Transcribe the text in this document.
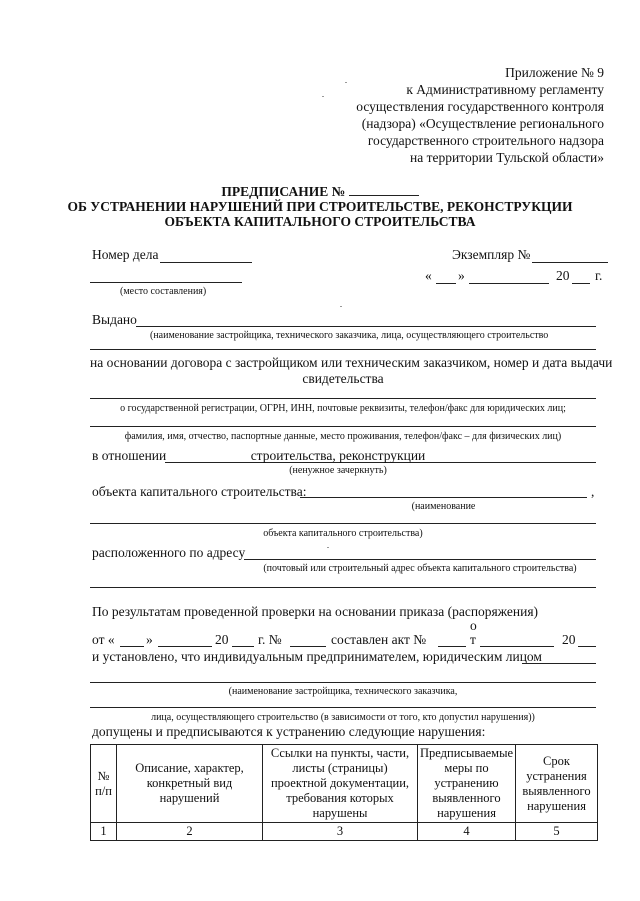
Приложение № 9
к Административному регламенту
осуществления государственного контроля
(надзора) «Осуществление регионального
государственного строительного надзора
на территории Тульской области»
ПРЕДПИСАНИЕ №
ОБ УСТРАНЕНИИ НАРУШЕНИЙ ПРИ СТРОИТЕЛЬСТВЕ, РЕКОНСТРУКЦИИ
ОБЪЕКТА КАПИТАЛЬНОГО СТРОИТЕЛЬСТВА
Номер дела	Экземпляр №
(место составления)
« »	20 г.
Выдано
(наименование застройщика, технического заказчика, лица, осуществляющего строительство
на основании договора с застройщиком или техническим заказчиком, номер и дата выдачи
свидетельства
о государственной регистрации, ОГРН, ИНН, почтовые реквизиты, телефон/факс для юридических лиц;
фамилия, имя, отчество, паспортные данные, место проживания, телефон/факс – для физических лиц)
в отношении	строительства, реконструкции
(ненужное зачеркнуть)
объекта капитального строительства:	,
(наименование
объекта капитального строительства)
расположенного по адресу
(почтовый или строительный адрес объекта капитального строительства)
По результатам проведенной проверки на основании приказа (распоряжения)
о
от « »	20 г. №	составлен акт №	т	20
и установлено, что индивидуальным предпринимателем, юридическим лицом
(наименование застройщика, технического заказчика,
лица, осуществляющего строительство (в зависимости от того, кто допустил нарушения))
допущены и предписываются к устранению следующие нарушения:
№ п/п	Описание, характер, конкретный вид нарушений	Ссылки на пункты, части, листы (страницы) проектной документации, требования которых нарушены	Предписываемые меры по устранению выявленного нарушения	Срок устранения выявленного нарушения
1	2	3	4	5
